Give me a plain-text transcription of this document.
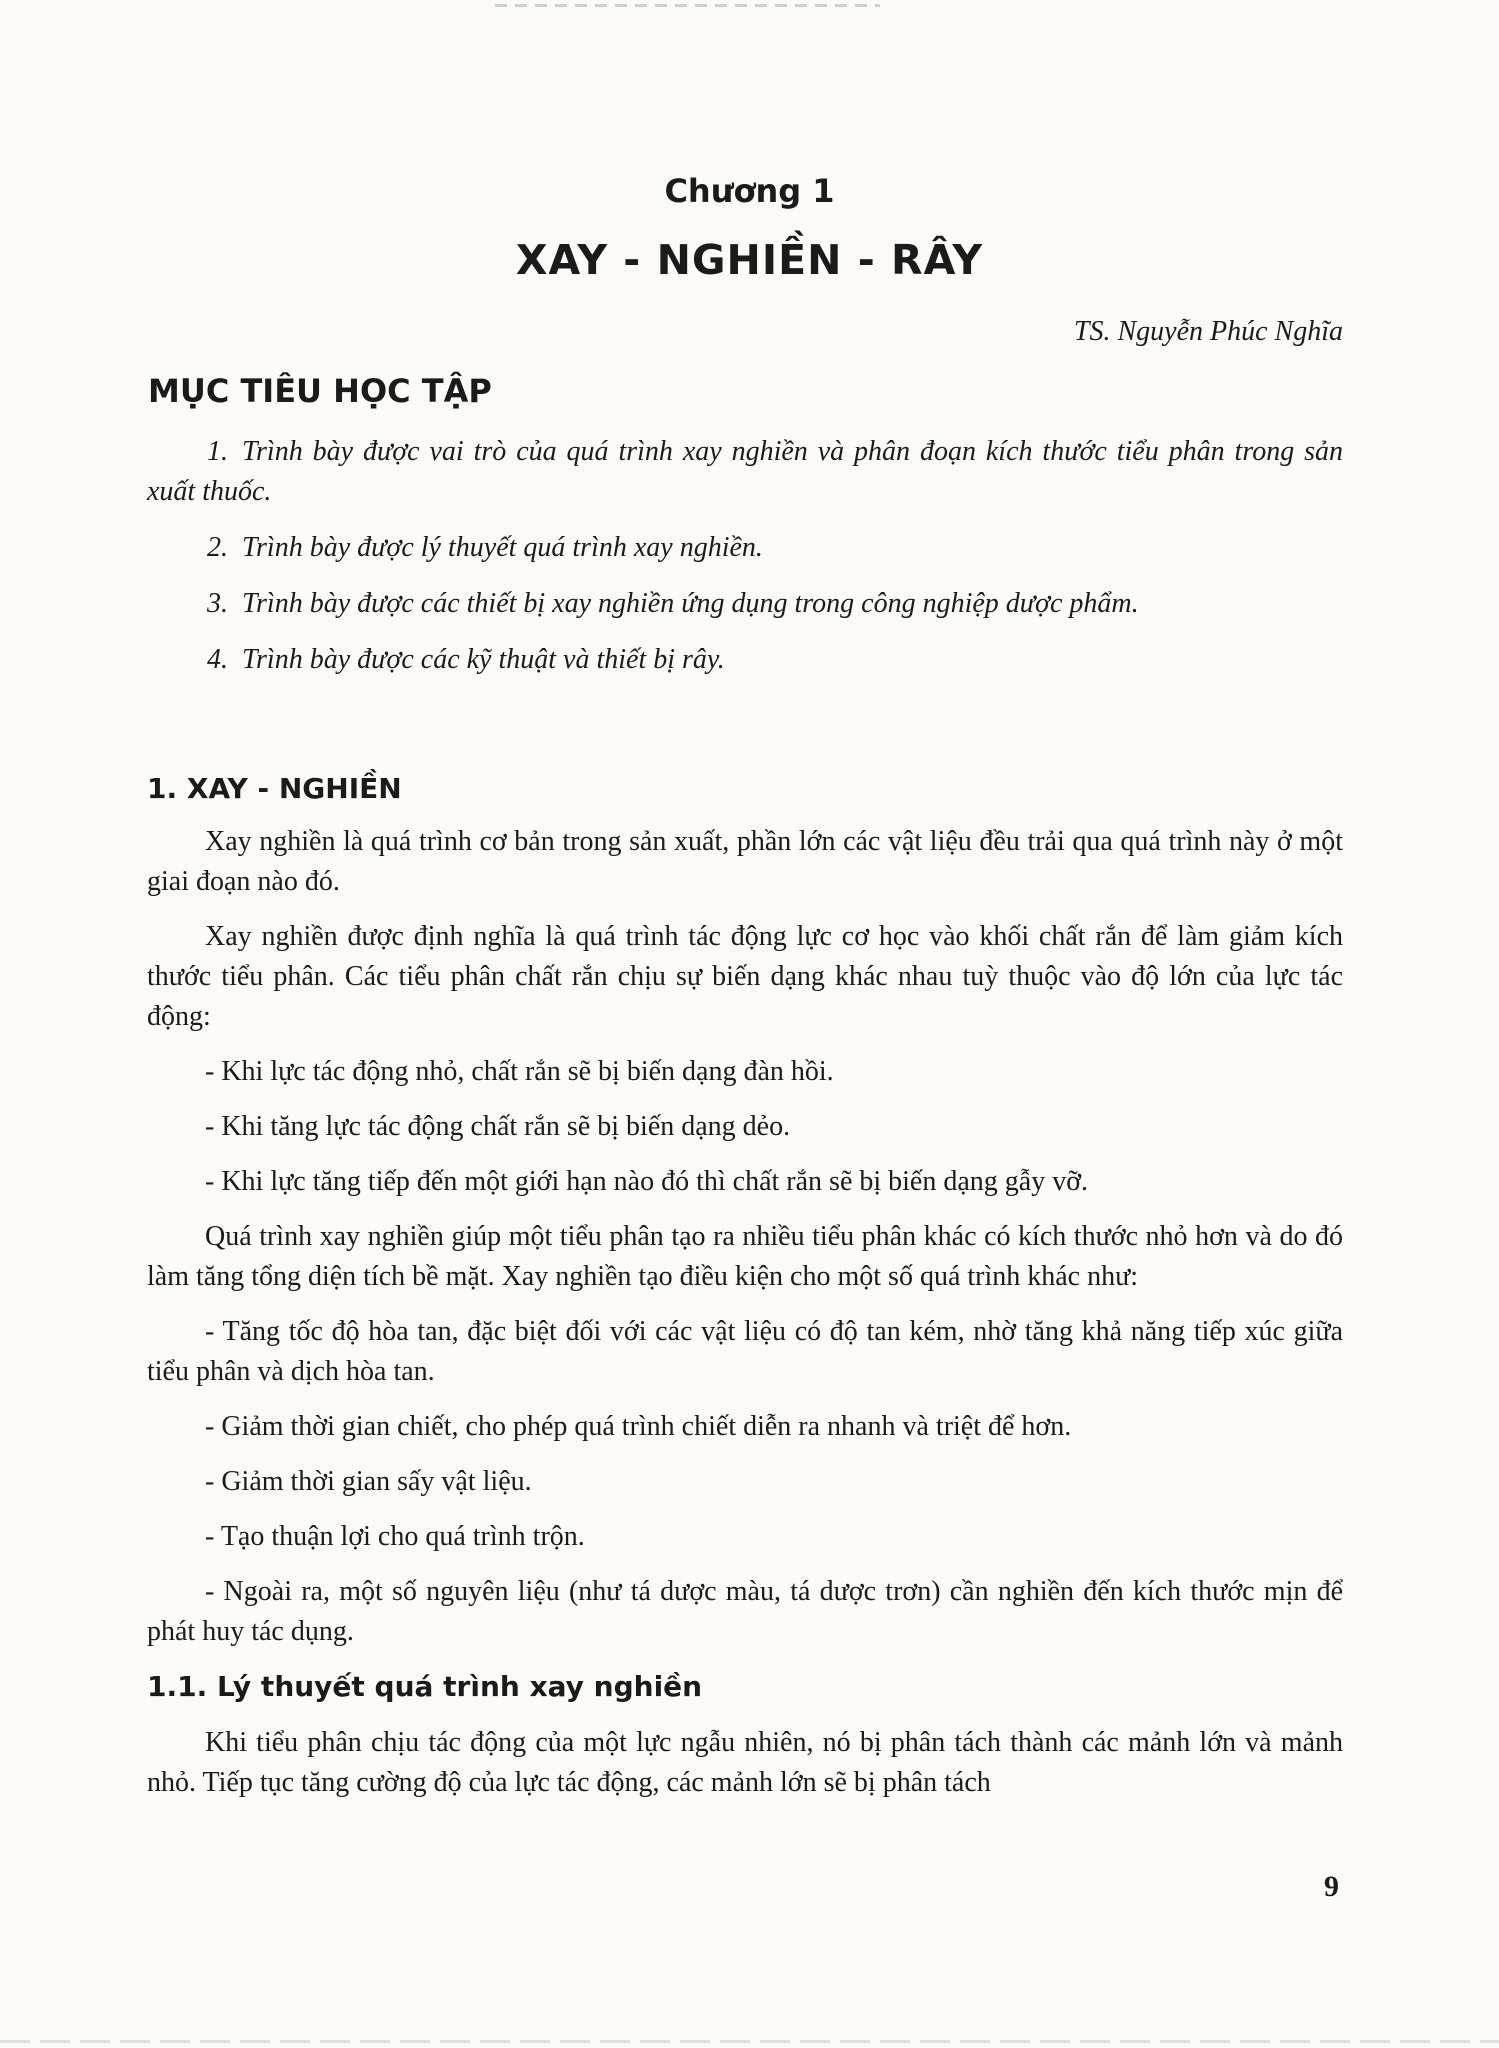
Chương 1
XAY - NGHIỀN - RÂY
TS. Nguyễn Phúc Nghĩa
MỤC TIÊU HỌC TẬP

1. Trình bày được vai trò của quá trình xay nghiền và phân đoạn kích thước tiểu phân trong sản xuất thuốc.

2. Trình bày được lý thuyết quá trình xay nghiền.

3. Trình bày được các thiết bị xay nghiền ứng dụng trong công nghiệp dược phẩm.

4. Trình bày được các kỹ thuật và thiết bị rây.

1. XAY - NGHIỀN

Xay nghiền là quá trình cơ bản trong sản xuất, phần lớn các vật liệu đều trải qua quá trình này ở một giai đoạn nào đó.

Xay nghiền được định nghĩa là quá trình tác động lực cơ học vào khối chất rắn để làm giảm kích thước tiểu phân. Các tiểu phân chất rắn chịu sự biến dạng khác nhau tuỳ thuộc vào độ lớn của lực tác động:

- Khi lực tác động nhỏ, chất rắn sẽ bị biến dạng đàn hồi.

- Khi tăng lực tác động chất rắn sẽ bị biến dạng dẻo.

- Khi lực tăng tiếp đến một giới hạn nào đó thì chất rắn sẽ bị biến dạng gẫy vỡ.

Quá trình xay nghiền giúp một tiểu phân tạo ra nhiều tiểu phân khác có kích thước nhỏ hơn và do đó làm tăng tổng diện tích bề mặt. Xay nghiền tạo điều kiện cho một số quá trình khác như:

- Tăng tốc độ hòa tan, đặc biệt đối với các vật liệu có độ tan kém, nhờ tăng khả năng tiếp xúc giữa tiểu phân và dịch hòa tan.

- Giảm thời gian chiết, cho phép quá trình chiết diễn ra nhanh và triệt để hơn.

- Giảm thời gian sấy vật liệu.

- Tạo thuận lợi cho quá trình trộn.

- Ngoài ra, một số nguyên liệu (như tá dược màu, tá dược trơn) cần nghiền đến kích thước mịn để phát huy tác dụng.

1.1. Lý thuyết quá trình xay nghiền

Khi tiểu phân chịu tác động của một lực ngẫu nhiên, nó bị phân tách thành các mảnh lớn và mảnh nhỏ. Tiếp tục tăng cường độ của lực tác động, các mảnh lớn sẽ bị phân tách

9
